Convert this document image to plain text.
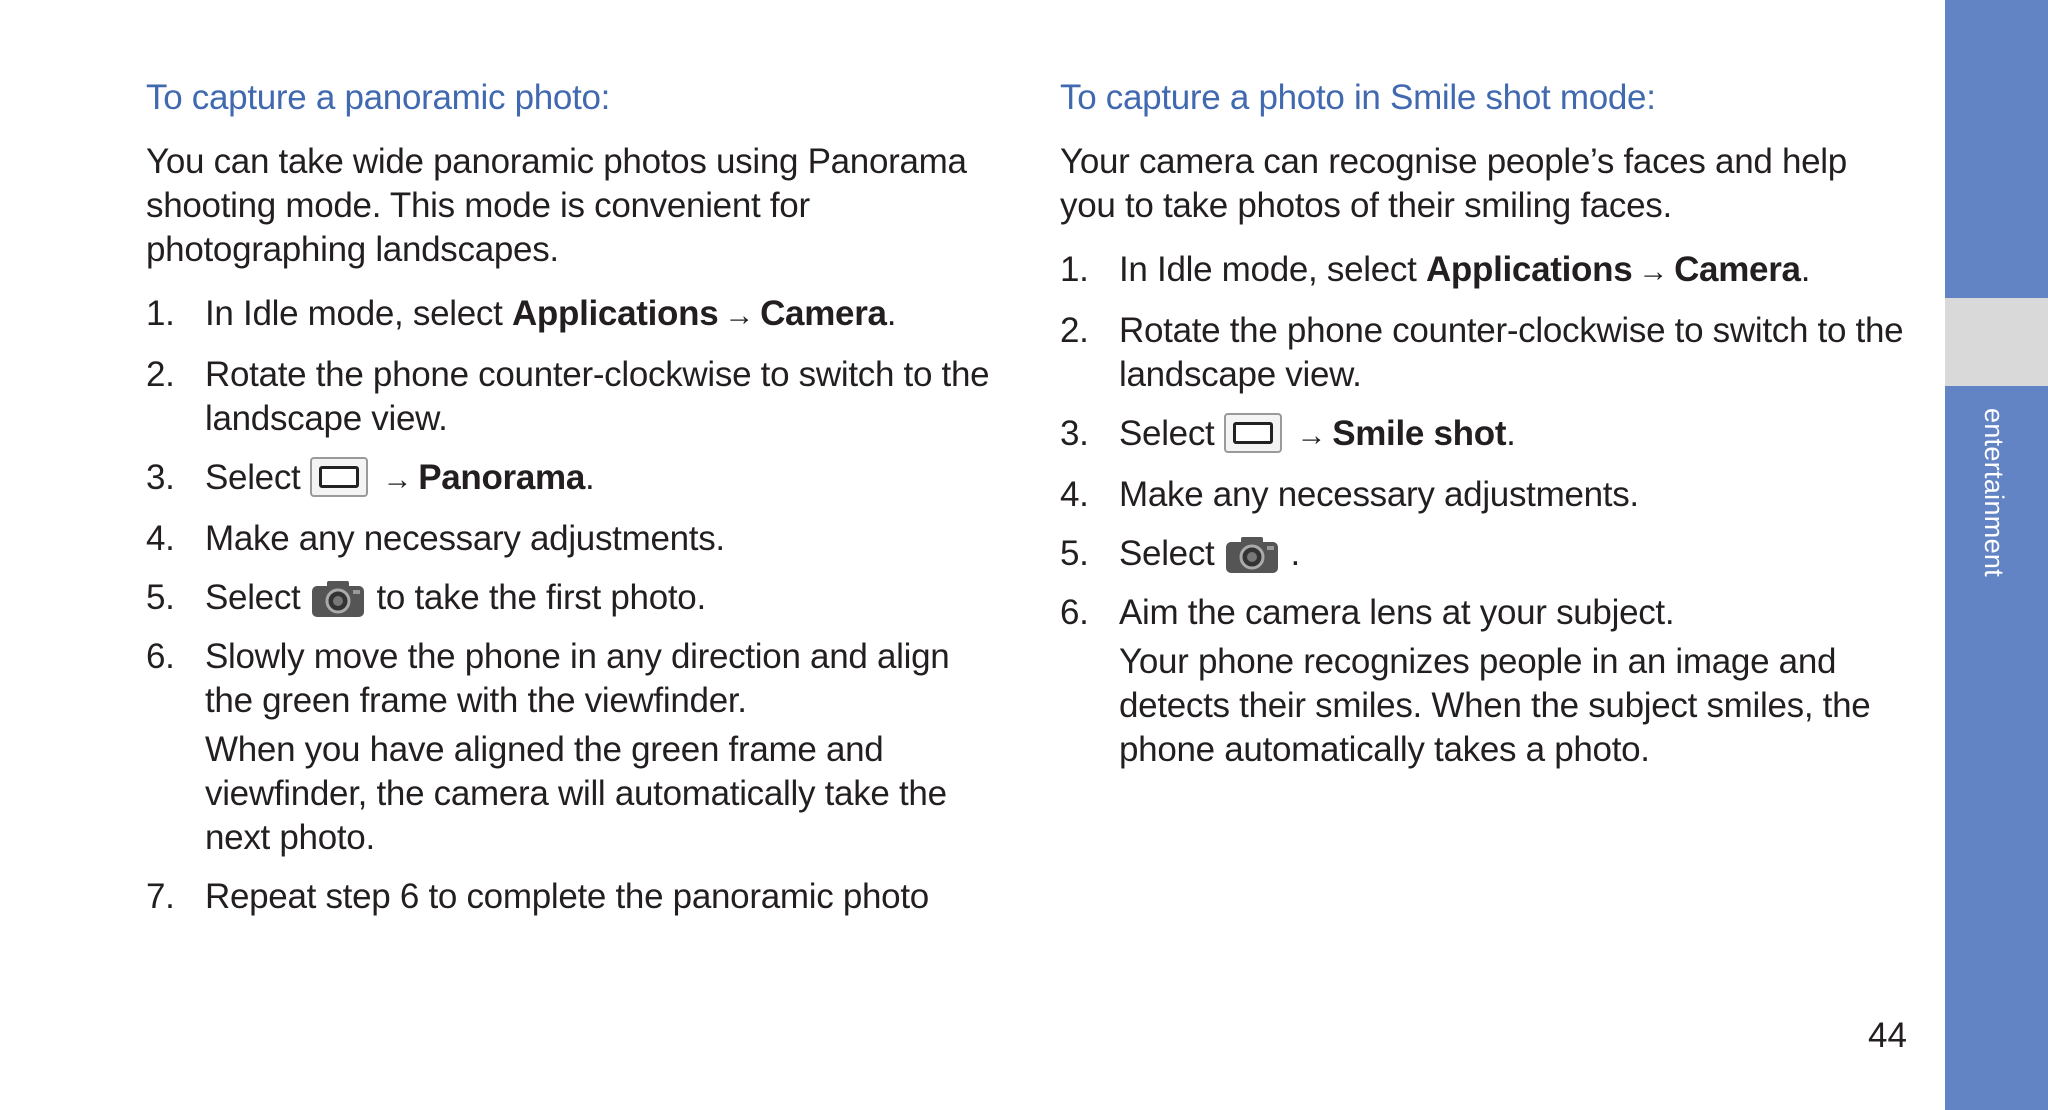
To capture a panoramic photo:
You can take wide panoramic photos using Panorama shooting mode. This mode is convenient for photographing landscapes.
1. In Idle mode, select Applications → Camera.
2. Rotate the phone counter-clockwise to switch to the landscape view.
3. Select	→ Panorama.
4. Make any necessary adjustments.
5. Select to take the first photo.
6. Slowly move the phone in any direction and align the green frame with the viewfinder.
When you have aligned the green frame and viewfinder, the camera will automatically take the next photo.
7. Repeat step 6 to complete the panoramic photo
To capture a photo in Smile shot mode:
Your camera can recognise people’s faces and help you to take photos of their smiling faces.
1. In Idle mode, select Applications → Camera.
2. Rotate the phone counter-clockwise to switch to the landscape view.
3. Select	→ Smile shot.
4. Make any necessary adjustments.
5. Select .
6. Aim the camera lens at your subject.
Your phone recognizes people in an image and detects their smiles. When the subject smiles, the phone automatically takes a photo.
44
